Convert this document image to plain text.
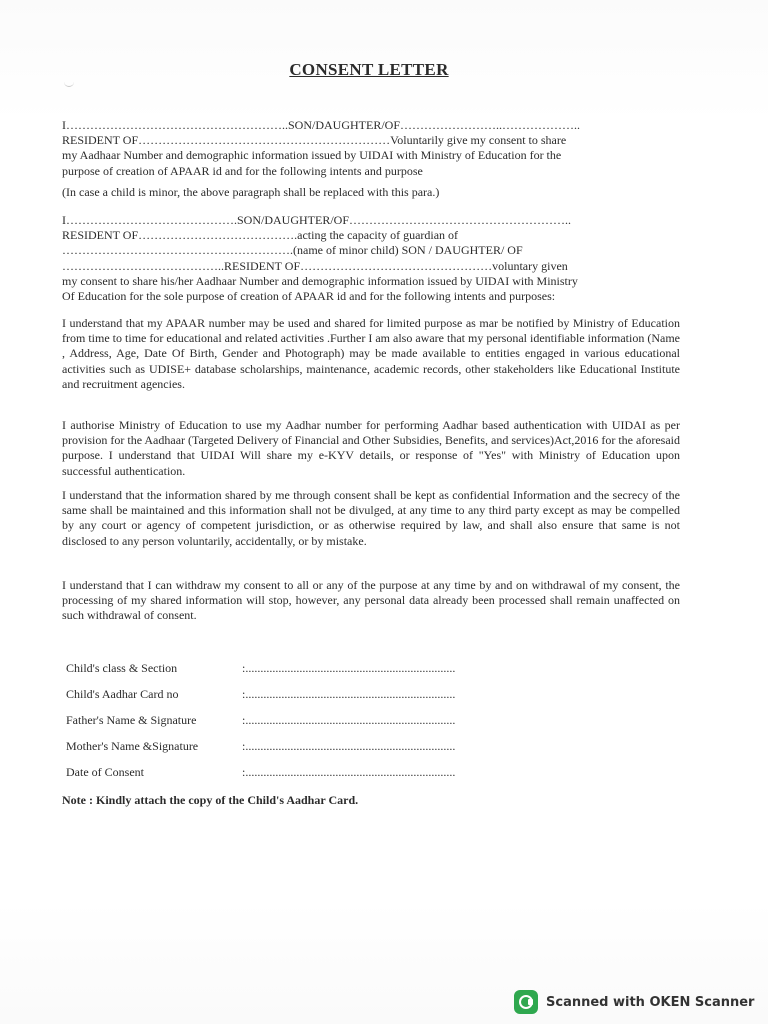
CONSENT LETTER
I………………………………………………..SON/DAUGHTER/OF……………………..………………..
RESIDENT OF………………………………………………………Voluntarily give my consent to share
my Aadhaar Number and demographic information issued by UIDAI with Ministry of Education for the
purpose of creation of APAAR id and for the following intents and purpose
(In case a child is minor, the above paragraph shall be replaced with this para.)
I…………………………………….SON/DAUGHTER/OF………………………………………………..
RESIDENT OF………………………………….acting the capacity of guardian of
………………………………………………….(name of minor child) SON / DAUGHTER/ OF
…………………………………..RESIDENT OF…………………………………………voluntary given
my consent to share his/her Aadhaar Number and demographic information issued by UIDAI with Ministry
Of Education for the sole purpose of creation of APAAR id and for the following intents and purposes:

I understand that my APAAR number may be used and shared for limited purpose as mar be notified by Ministry of Education from time to time for educational and related activities .Further I am also aware that my personal identifiable information (Name , Address, Age, Date Of Birth, Gender and Photograph) may be made available to entities engaged in various educational activities such as UDISE+ database scholarships, maintenance, academic records, other stakeholders like Educational Institute and recruitment agencies.

I authorise Ministry of Education to use my Aadhar number for performing Aadhar based authentication with UIDAI as per provision for the Aadhaar (Targeted Delivery of Financial and Other Subsidies, Benefits, and services)Act,2016 for the aforesaid purpose. I understand that UIDAI Will share my e-KYV details, or response of "Yes" with Ministry of Education upon successful authentication.

I understand that the information shared by me through consent shall be kept as confidential Information and the secrecy of the same shall be maintained and this information shall not be divulged, at any time to any third party except as may be compelled by any court or agency of competent jurisdiction, or as otherwise required by law, and shall also ensure that same is not disclosed to any person voluntarily, accidentally, or by mistake.

I understand that I can withdraw my consent to all or any of the purpose at any time by and on withdrawal of my consent, the processing of my shared information will stop, however, any personal data already been processed shall remain unaffected on such withdrawal of consent.

Child's class & Section	:......................................................................
Child's Aadhar Card no	:......................................................................
Father's Name & Signature	:......................................................................
Mother's Name &Signature	:......................................................................
Date of Consent	:......................................................................
Note : Kindly attach the copy of the Child's Aadhar Card.
Scanned with OKEN Scanner
